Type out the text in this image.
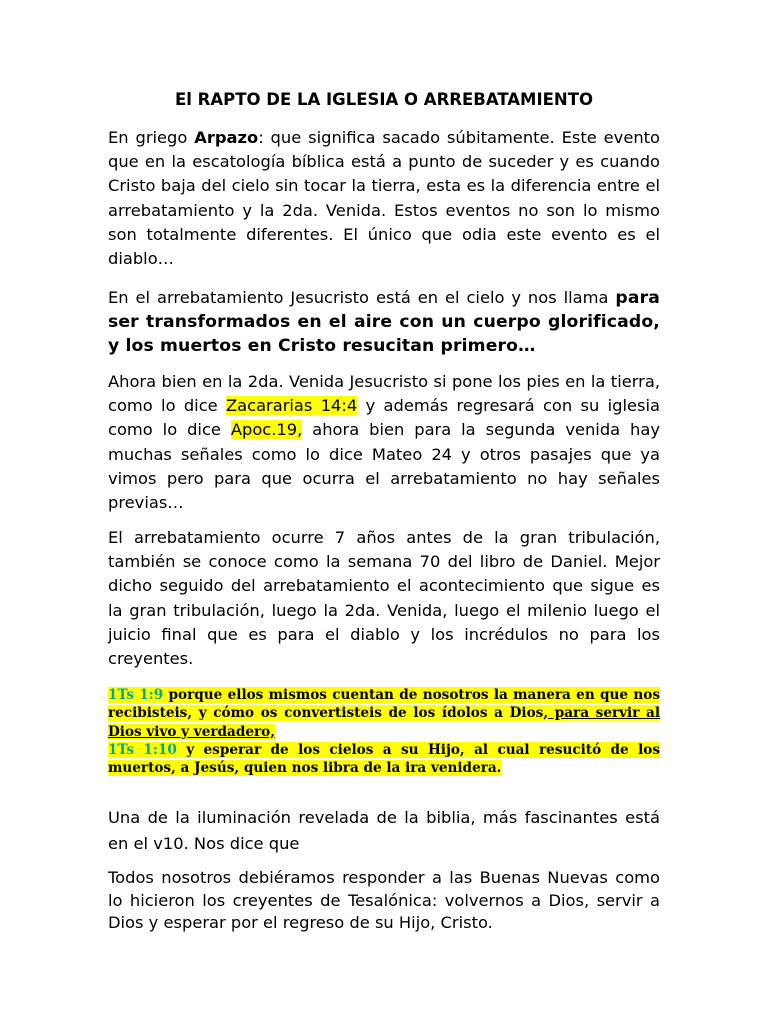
El RAPTO DE LA IGLESIA O ARREBATAMIENTO
En griego Arpazo: que significa sacado súbitamente. Este evento que en la escatología bíblica está a punto de suceder y es cuando Cristo baja del cielo sin tocar la tierra, esta es la diferencia entre el arrebatamiento y la 2da. Venida. Estos eventos no son lo mismo son totalmente diferentes. El único que odia este evento es el diablo…
En el arrebatamiento Jesucristo está en el cielo y nos llama para ser transformados en el aire con un cuerpo glorificado, y los muertos en Cristo resucitan primero…
Ahora bien en la 2da. Venida Jesucristo si pone los pies en la tierra, como lo dice Zacararias 14:4 y además regresará con su iglesia como lo dice Apoc.19, ahora bien para la segunda venida hay muchas señales como lo dice Mateo 24 y otros pasajes que ya vimos pero para que ocurra el arrebatamiento no hay señales previas…
El arrebatamiento ocurre 7 años antes de la gran tribulación, también se conoce como la semana 70 del libro de Daniel. Mejor dicho seguido del arrebatamiento el acontecimiento que sigue es la gran tribulación, luego la 2da. Venida, luego el milenio luego el juicio final que es para el diablo y los incrédulos no para los creyentes.
1Ts 1:9 porque ellos mismos cuentan de nosotros la manera en que nos recibisteis, y cómo os convertisteis de los ídolos a Dios, para servir al Dios vivo y verdadero,
1Ts 1:10 y esperar de los cielos a su Hijo, al cual resucitó de los muertos, a Jesús, quien nos libra de la ira venidera.
Una de la iluminación revelada de la biblia, más fascinantes está en el v10. Nos dice que
Todos nosotros debiéramos responder a las Buenas Nuevas como lo hicieron los creyentes de Tesalónica: volvernos a Dios, servir a Dios y esperar por el regreso de su Hijo, Cristo.
